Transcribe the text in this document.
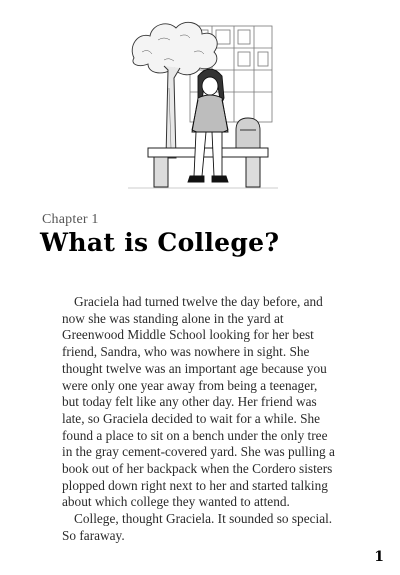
Chapter 1
What is College?
Graciela had turned twelve the day before, and
now she was standing alone in the yard at
Greenwood Middle School looking for her best
friend, Sandra, who was nowhere in sight. She
thought twelve was an important age because you
were only one year away from being a teenager,
but today felt like any other day. Her friend was
late, so Graciela decided to wait for a while. She
found a place to sit on a bench under the only tree
in the gray cement-covered yard. She was pulling a
book out of her backpack when the Cordero sisters
plopped down right next to her and started talking
about which college they wanted to attend.
College, thought Graciela. It sounded so special.
So faraway.
1
